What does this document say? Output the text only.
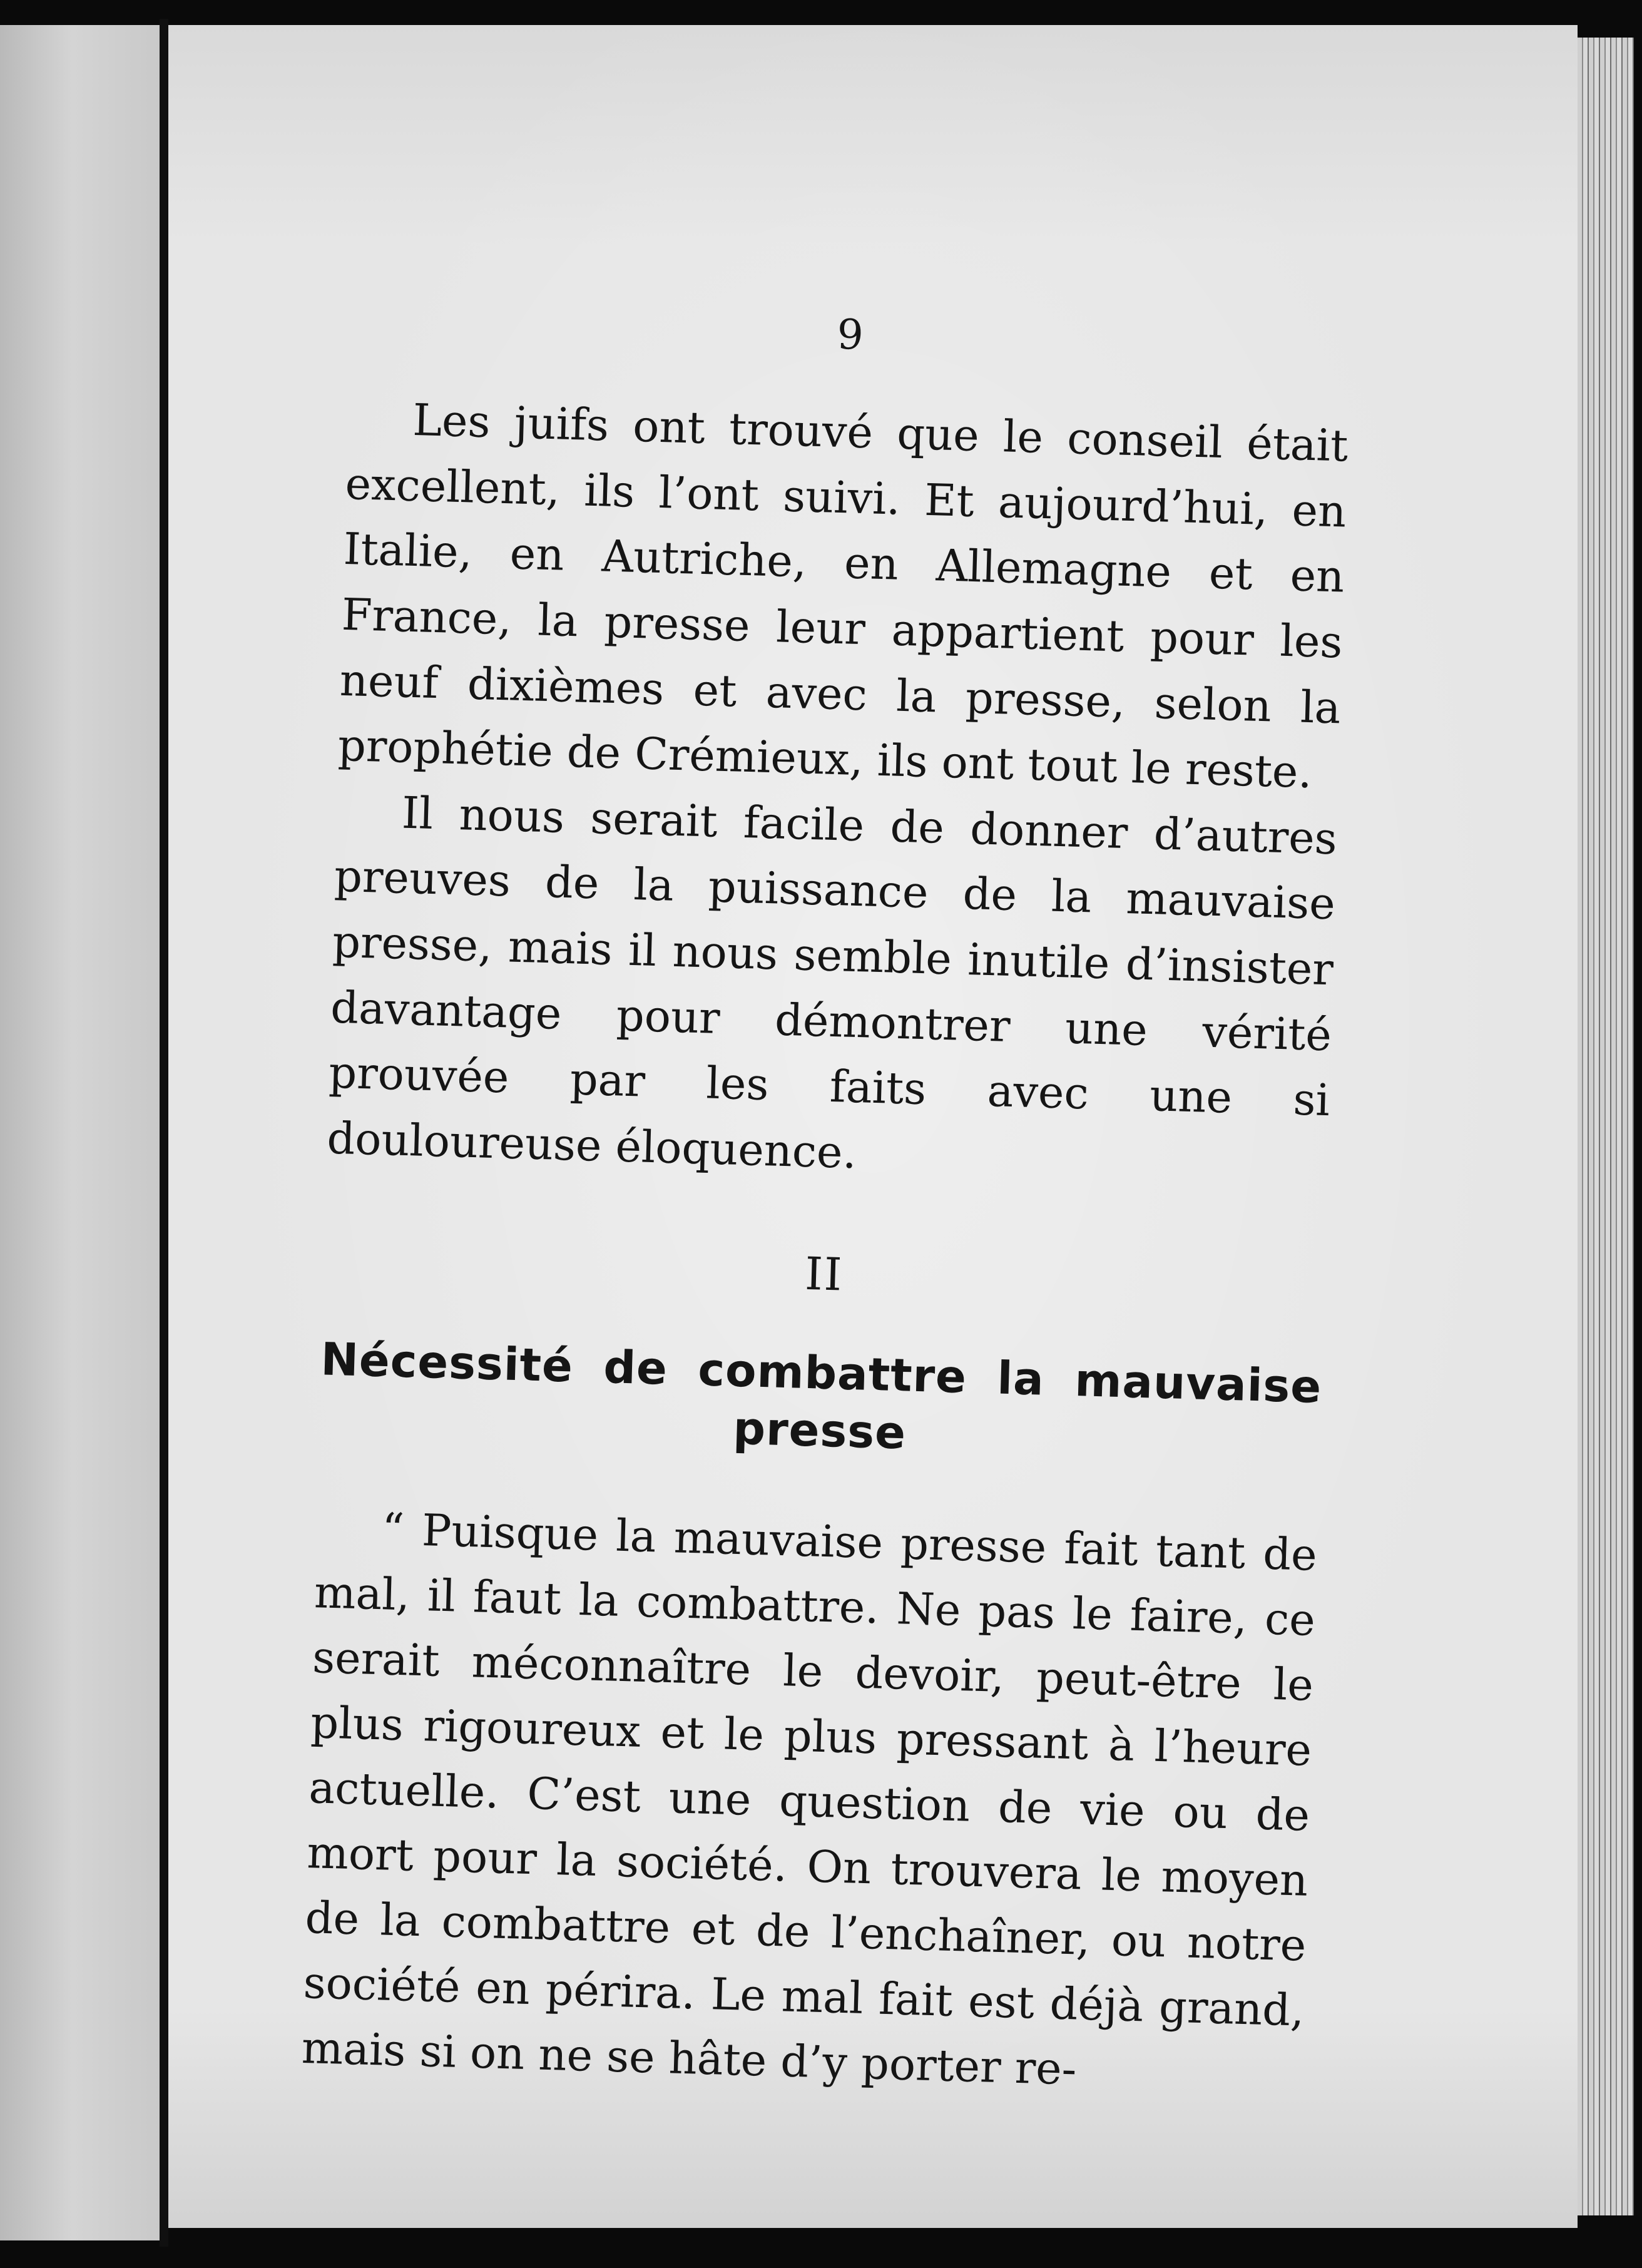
9

Les juifs ont trouvé que le conseil était excellent, ils l’ont suivi. Et aujourd’hui, en Italie, en Autriche, en Allemagne et en France, la presse leur appartient pour les neuf dixièmes et avec la presse, selon la prophétie de Crémieux, ils ont tout le reste.

Il nous serait facile de donner d’autres preuves de la puissance de la mauvaise presse, mais il nous semble inutile d’insister davantage pour démontrer une vérité prouvée par les faits avec une si douloureuse éloquence.

II
Nécessité de combattre la mauvaise presse

“ Puisque la mauvaise presse fait tant de mal, il faut la combattre. Ne pas le faire, ce serait méconnaître le devoir, peut-être le plus rigoureux et le plus pressant à l’heure actuelle. C’est une question de vie ou de mort pour la société. On trouvera le moyen de la combattre et de l’enchaîner, ou notre société en périra. Le mal fait est déjà grand, mais si on ne se hâte d’y porter re-
